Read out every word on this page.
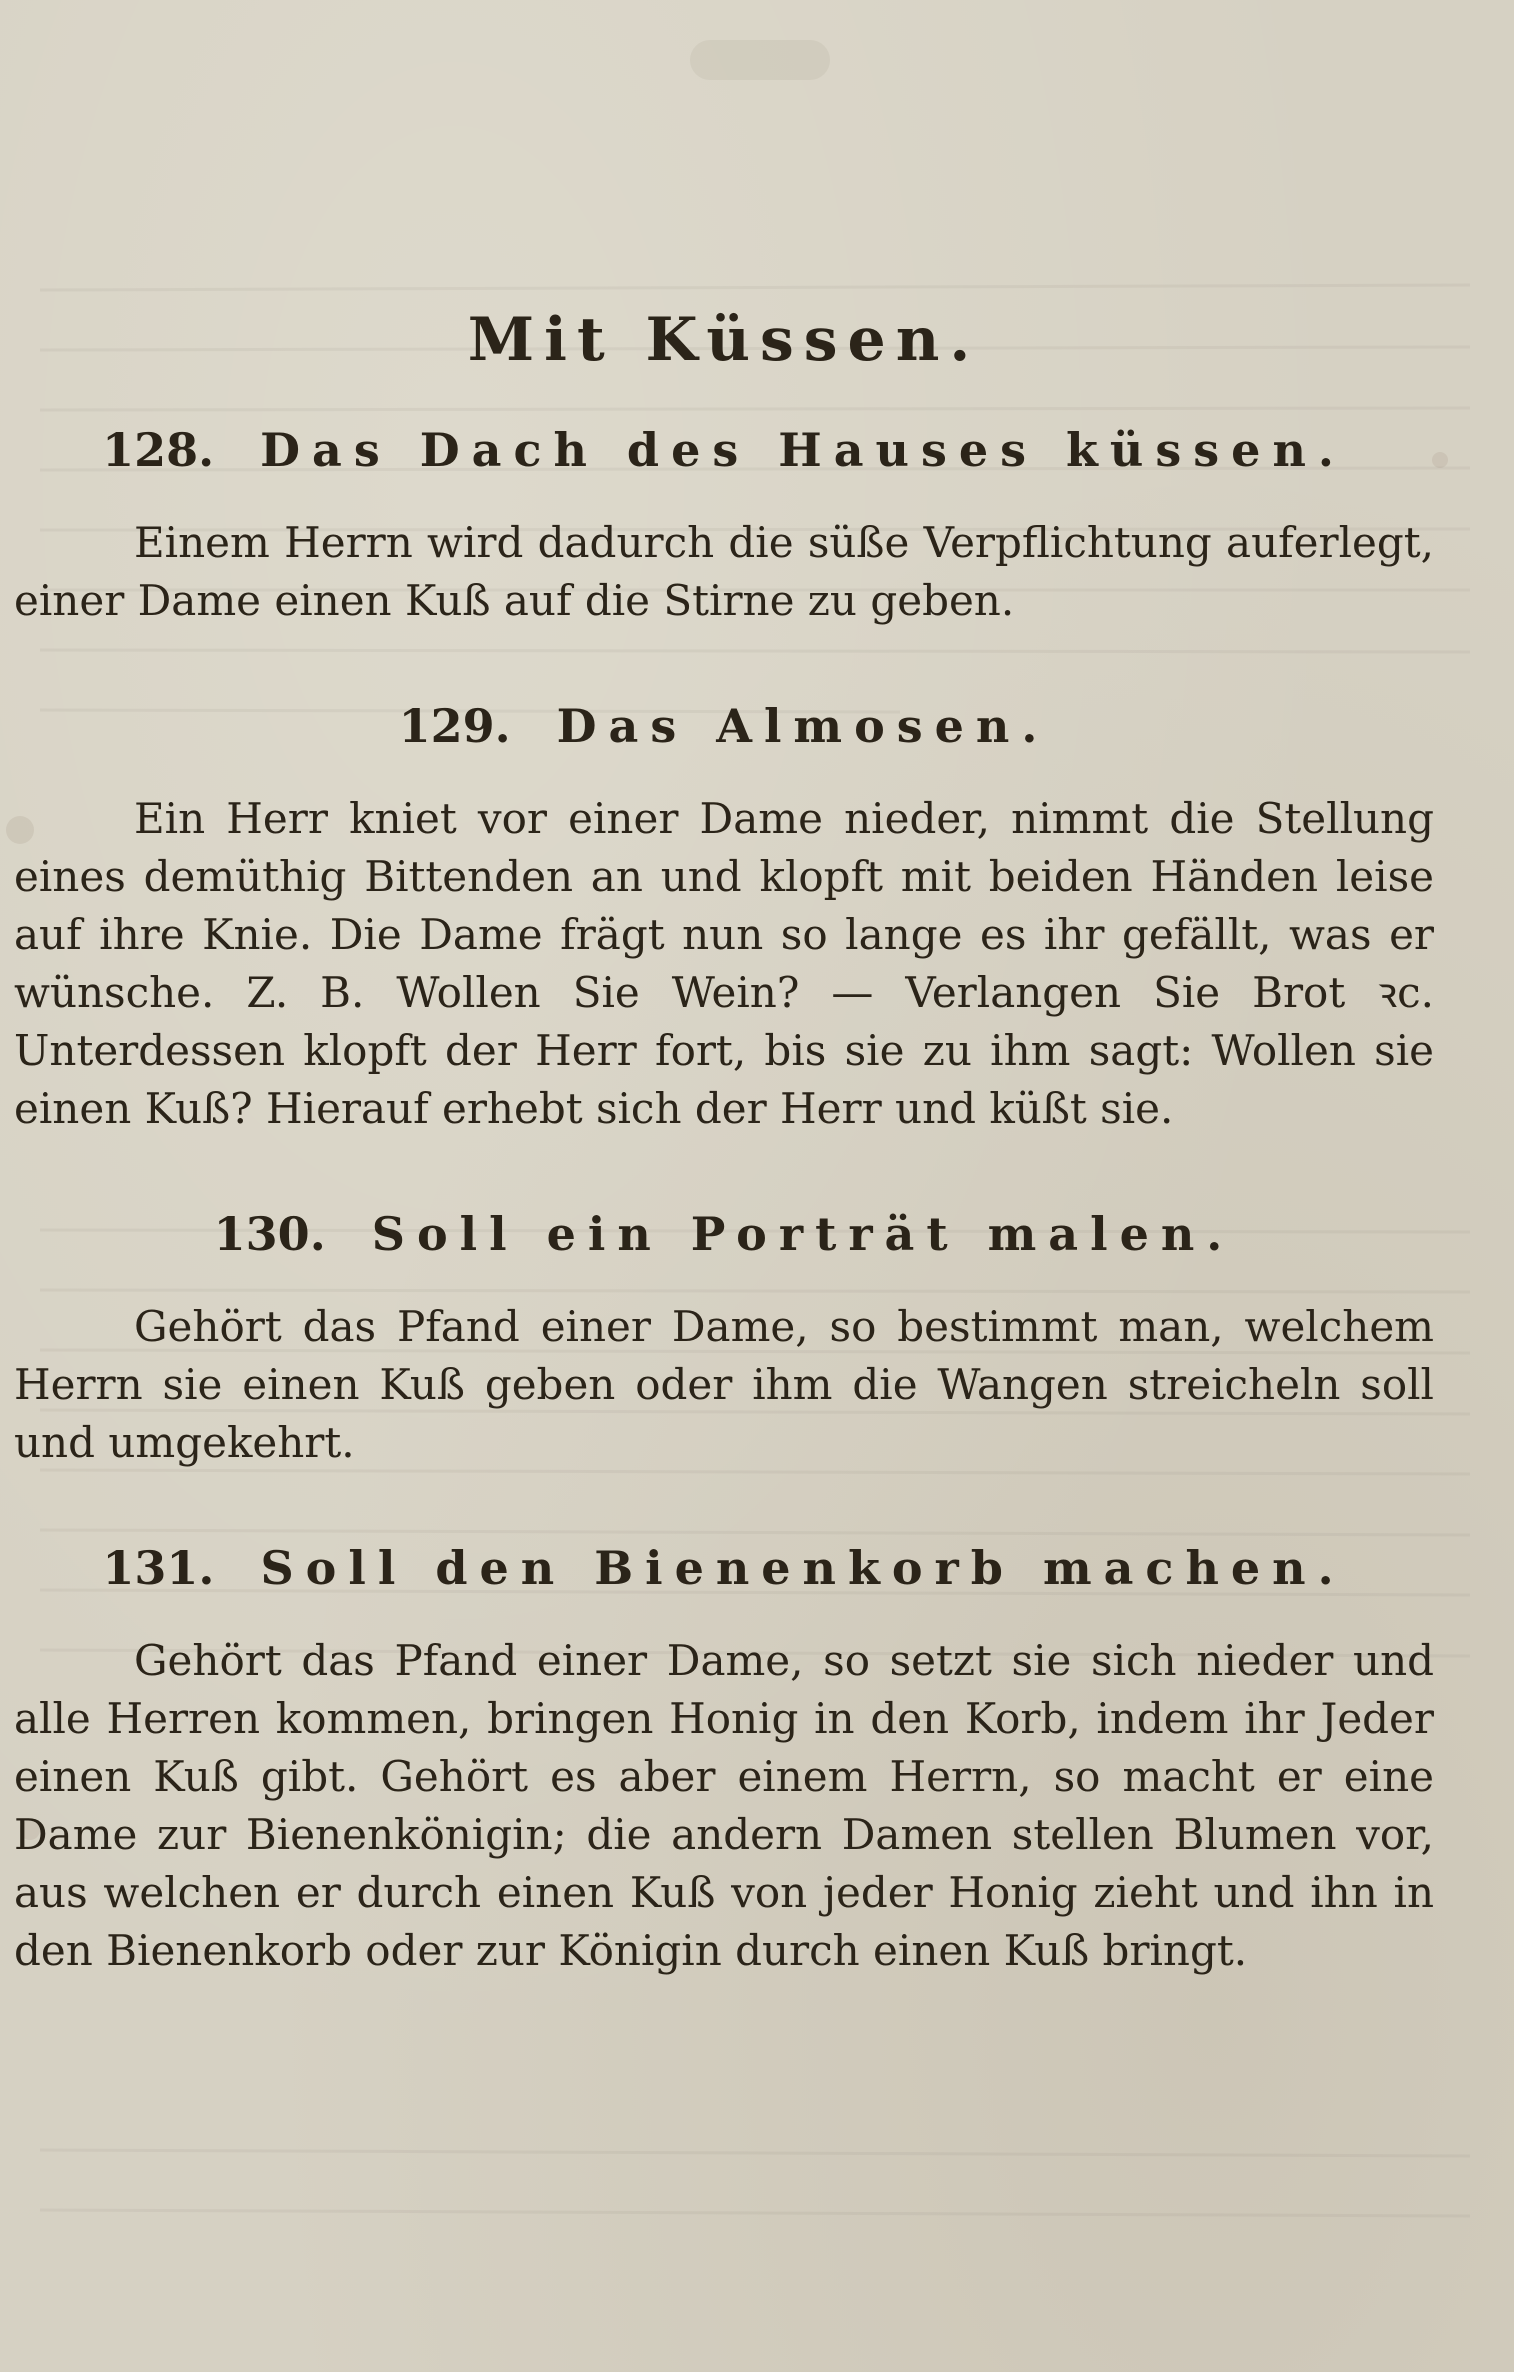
Mit Küssen.
128. Das Dach des Hauses küssen.

Einem Herrn wird dadurch die süße Verpflichtung auferlegt, einer Dame einen Kuß auf die Stirne zu geben.

129. Das Almosen.

Ein Herr kniet vor einer Dame nieder, nimmt die Stellung eines demüthig Bittenden an und klopft mit beiden Händen leise auf ihre Knie. Die Dame frägt nun so lange es ihr gefällt, was er wünsche. Z. B. Wollen Sie Wein? — Verlangen Sie Brot ꝛc. Unterdessen klopft der Herr fort, bis sie zu ihm sagt: Wollen sie einen Kuß? Hierauf erhebt sich der Herr und küßt sie.

130. Soll ein Porträt malen.

Gehört das Pfand einer Dame, so bestimmt man, welchem Herrn sie einen Kuß geben oder ihm die Wangen streicheln soll und umgekehrt.

131. Soll den Bienenkorb machen.

Gehört das Pfand einer Dame, so setzt sie sich nieder und alle Herren kommen, bringen Honig in den Korb, indem ihr Jeder einen Kuß gibt. Gehört es aber einem Herrn, so macht er eine Dame zur Bienenkönigin; die andern Damen stellen Blumen vor, aus welchen er durch einen Kuß von jeder Honig zieht und ihn in den Bienenkorb oder zur Königin durch einen Kuß bringt.
